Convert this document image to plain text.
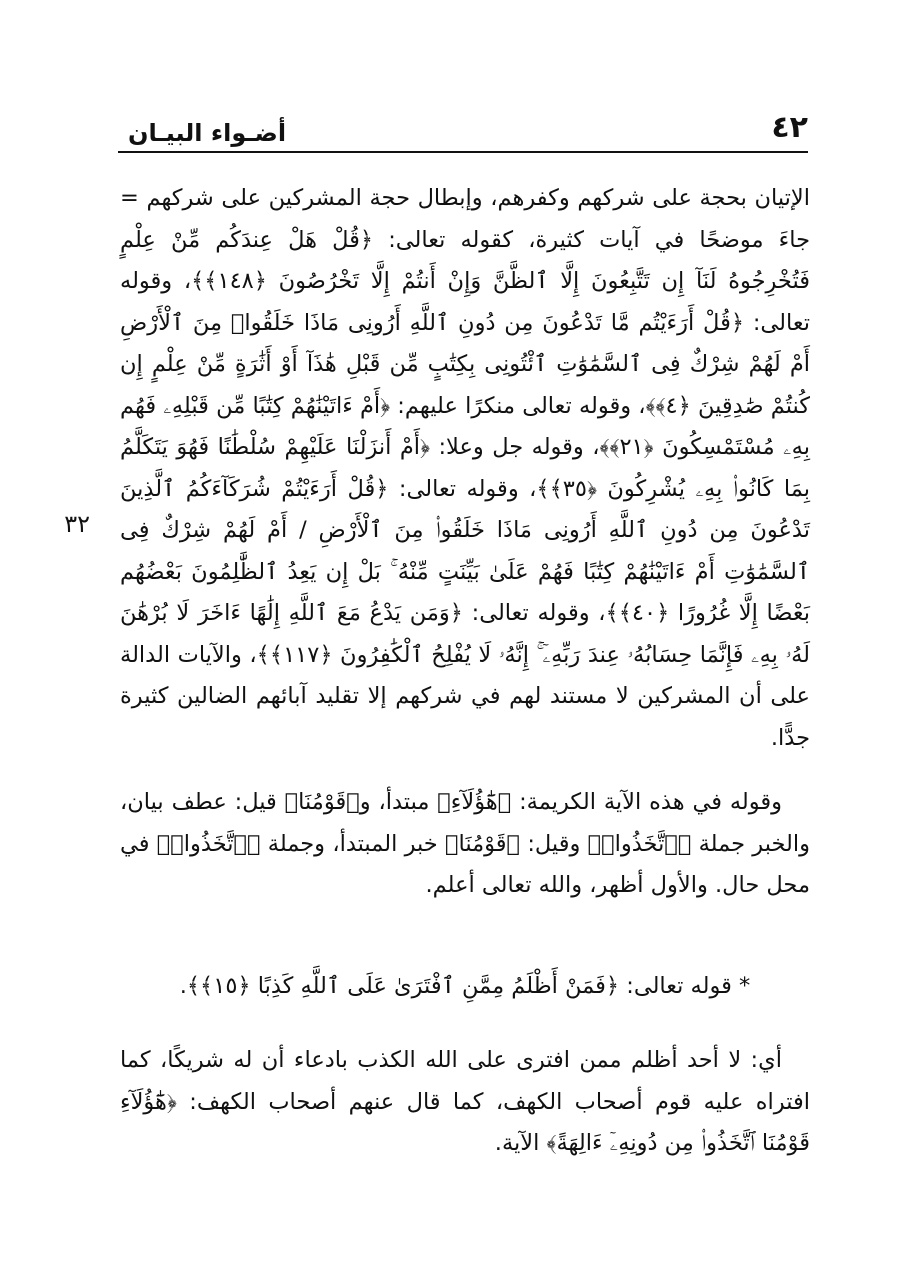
٤٢
أضـواء البيـان
٣٢

الإتيان بحجة على شركهم وكفرهم، وإبطال حجة المشركين على شركهم = جاءَ موضحًا في آيات كثيرة، كقوله تعالى: ﴿قُلْ هَلْ عِندَكُم مِّنْ عِلْمٍ فَتُخْرِجُوهُ لَنَآ إِن تَتَّبِعُونَ إِلَّا ٱلظَّنَّ وَإِنْ أَنتُمْ إِلَّا تَخْرُصُونَ ﴿١٤٨﴾﴾، وقوله تعالى: ﴿قُلْ أَرَءَيْتُم مَّا تَدْعُونَ مِن دُونِ ٱللَّهِ أَرُونِى مَاذَا خَلَقُوا۟ مِنَ ٱلْأَرْضِ أَمْ لَهُمْ شِرْكٌ فِى ٱلسَّمَٰوَٰتِ ٱئْتُونِى بِكِتَٰبٍ مِّن قَبْلِ هَٰذَآ أَوْ أَثَٰرَةٍ مِّنْ عِلْمٍ إِن كُنتُمْ صَٰدِقِينَ ﴿٤﴾﴾، وقوله تعالى منكرًا عليهم: ﴿أَمْ ءَاتَيْنَٰهُمْ كِتَٰبًا مِّن قَبْلِهِۦ فَهُم بِهِۦ مُسْتَمْسِكُونَ ﴿٢١﴾﴾، وقوله جل وعلا: ﴿أَمْ أَنزَلْنَا عَلَيْهِمْ سُلْطَٰنًا فَهُوَ يَتَكَلَّمُ بِمَا كَانُوا۟ بِهِۦ يُشْرِكُونَ ﴿٣٥﴾﴾، وقوله تعالى: ﴿قُلْ أَرَءَيْتُمْ شُرَكَآءَكُمُ ٱلَّذِينَ تَدْعُونَ مِن دُونِ ٱللَّهِ أَرُونِى مَاذَا خَلَقُوا۟ مِنَ ٱلْأَرْضِ / أَمْ لَهُمْ شِرْكٌ فِى ٱلسَّمَٰوَٰتِ أَمْ ءَاتَيْنَٰهُمْ كِتَٰبًا فَهُمْ عَلَىٰ بَيِّنَتٍ مِّنْهُ ۚ بَلْ إِن يَعِدُ ٱلظَّٰلِمُونَ بَعْضُهُم بَعْضًا إِلَّا غُرُورًا ﴿٤٠﴾﴾، وقوله تعالى: ﴿وَمَن يَدْعُ مَعَ ٱللَّهِ إِلَٰهًا ءَاخَرَ لَا بُرْهَٰنَ لَهُۥ بِهِۦ فَإِنَّمَا حِسَابُهُۥ عِندَ رَبِّهِۦٓ ۚ إِنَّهُۥ لَا يُفْلِحُ ٱلْكَٰفِرُونَ ﴿١١٧﴾﴾، والآيات الدالة على أن المشركين لا مستند لهم في شركهم إلا تقليد آبائهم الضالين كثيرة جدًّا.

وقوله في هذه الآية الكريمة: ﴿هَٰٓؤُلَآءِ﴾ مبتدأ، و﴿قَوْمُنَا﴾ قيل: عطف بيان، والخبر جملة ﴿ٱتَّخَذُوا۟﴾ وقيل: ﴿قَوْمُنَا﴾ خبر المبتدأ، وجملة ﴿ٱتَّخَذُوا۟﴾ في محل حال. والأول أظهر، والله تعالى أعلم.

* قوله تعالى: ﴿فَمَنْ أَظْلَمُ مِمَّنِ ٱفْتَرَىٰ عَلَى ٱللَّهِ كَذِبًا ﴿١٥﴾﴾.

أي: لا أحد أظلم ممن افترى على الله الكذب بادعاء أن له شريكًا، كما افتراه عليه قوم أصحاب الكهف، كما قال عنهم أصحاب الكهف: ﴿هَٰٓؤُلَآءِ قَوْمُنَا ٱتَّخَذُوا۟ مِن دُونِهِۦٓ ءَالِهَةً﴾ الآية.
